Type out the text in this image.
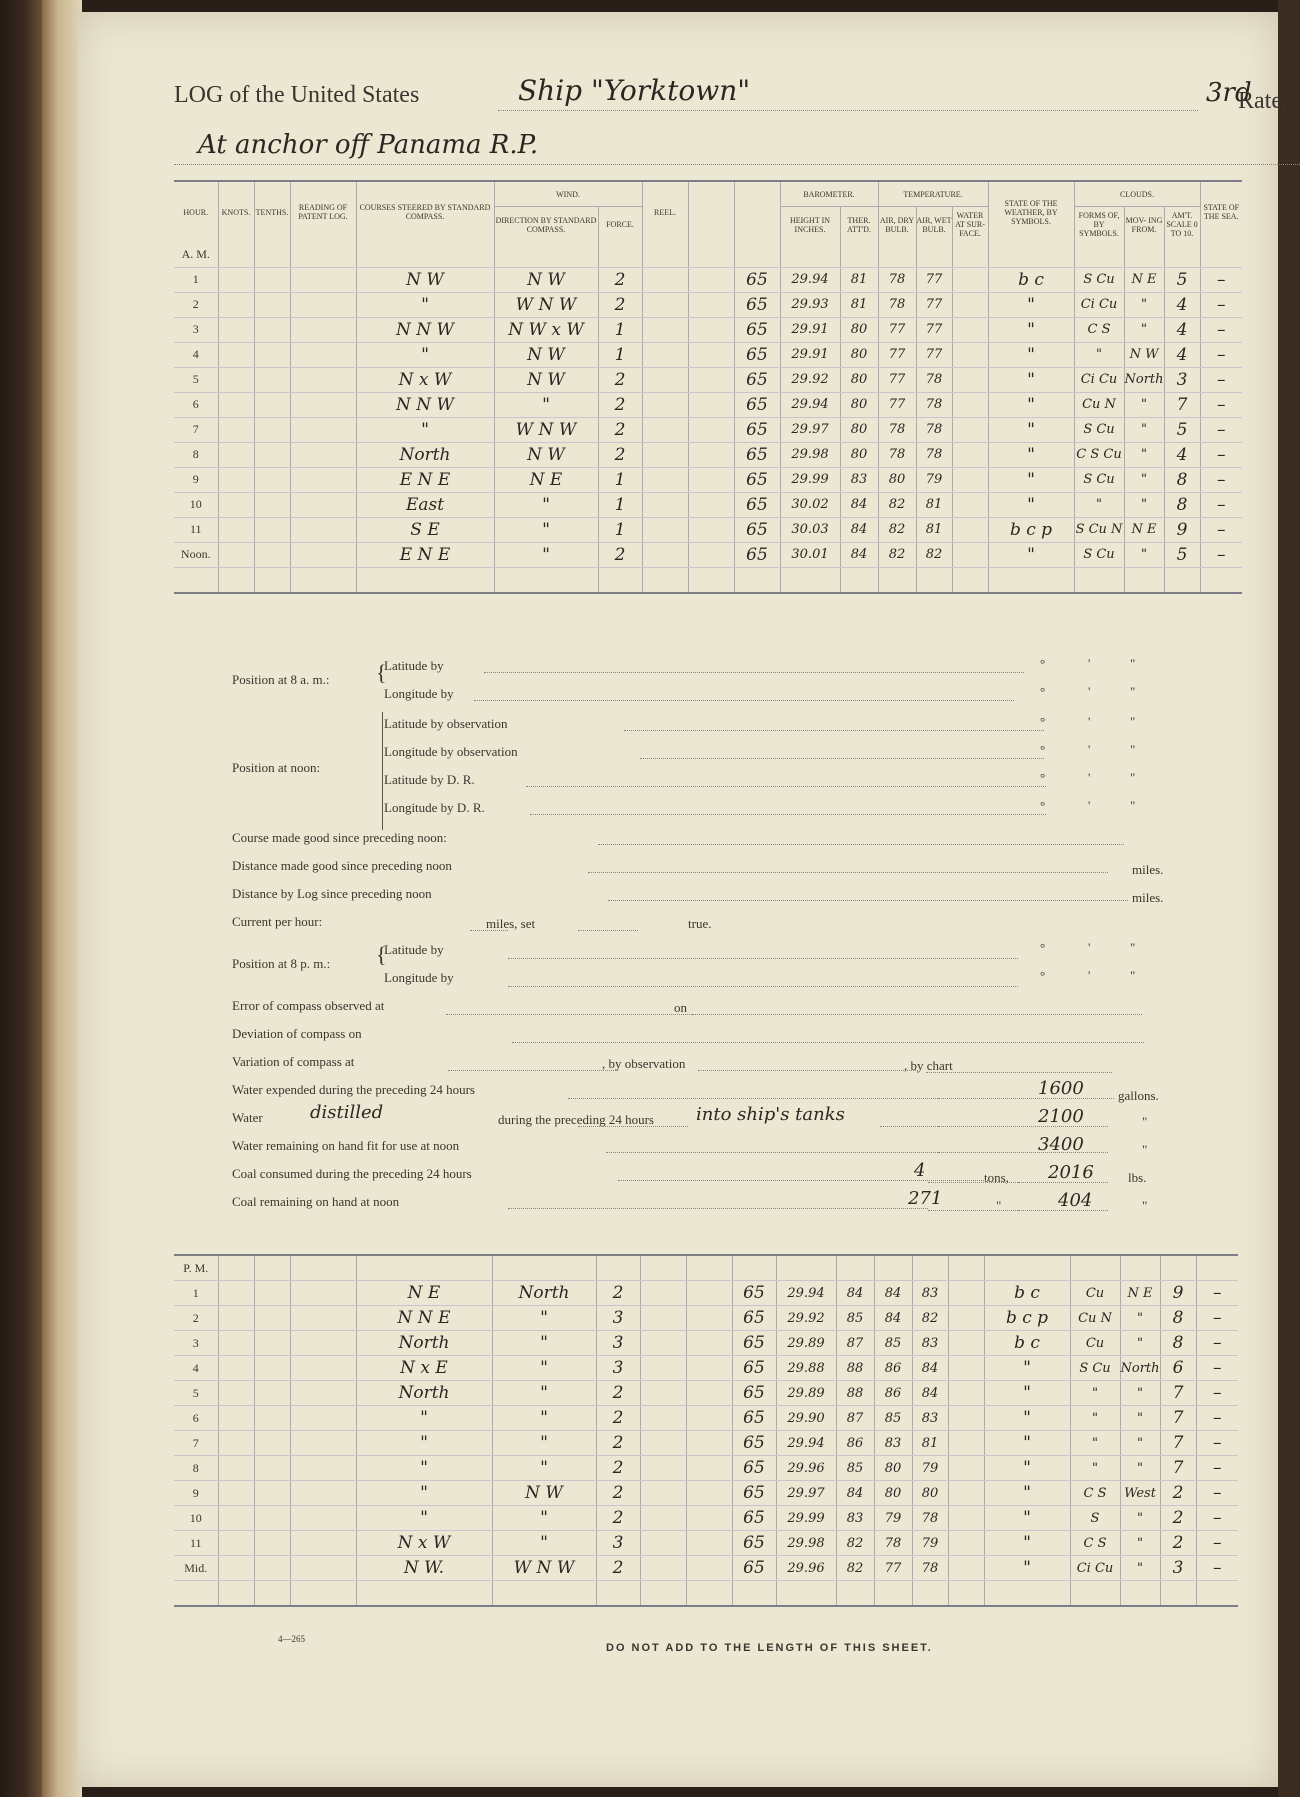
LOG of the United States	Ship "Yorktown"	3rd
Rate,
At anchor off Panama R.P.
HOUR.	KNOTS.	TENTHS.	READING OF PATENT LOG.	COURSES STEERED BY STANDARD COMPASS.	WIND.		REEL.			BAROMETER.		TEMPERATURE.			STATE OF THE WEATHER, BY SYMBOLS.	CLOUDS.			STATE OF THE SEA.
					DIRECTION BY STANDARD COMPASS.	FORCE.				HEIGHT IN INCHES.	THER. ATT'D.	AIR, DRY BULB.	AIR, WET BULB.	WATER AT SUR- FACE.		FORMS OF, BY SYMBOLS.	MOV- ING FROM.	AM'T. SCALE 0 TO 10.	
A. M.																			
1				N W	N W	2			65	29.94	81	78	77		b c	S Cu	N E	5	–
2				"	W N W	2			65	29.93	81	78	77		"	Ci Cu	"	4	–
3				N N W	N W x W	1			65	29.91	80	77	77		"	C S	"	4	–
4				"	N W	1			65	29.91	80	77	77		"	"	N W	4	–
5				N x W	N W	2			65	29.92	80	77	78		"	Ci Cu	North	3	–
6				N N W	"	2			65	29.94	80	77	78		"	Cu N	"	7	–
7				"	W N W	2			65	29.97	80	78	78		"	S Cu	"	5	–
8				North	N W	2			65	29.98	80	78	78		"	C S Cu	"	4	–
9				E N E	N E	1			65	29.99	83	80	79		"	S Cu	"	8	–
10				East	"	1			65	30.02	84	82	81		"	"	"	8	–
11				S E	"	1			65	30.03	84	82	81		b c p	S Cu N	N E	9	–
Noon.				E N E	"	2			65	30.01	84	82	82		"	S Cu	"	5	–

Position at 8 a. m.: {
Latitude by
Longitude by
Position at noon:
Latitude by observation
Longitude by observation
Latitude by D. R.
Longitude by D. R.
Course made good since preceding noon:
Distance made good since preceding noon	miles.
Distance by Log since preceding noon	miles.
Current per hour:	miles, set	true.
Position at 8 p. m.: {
Latitude by
Longitude by
Error of compass observed at	on
Deviation of compass on
Variation of compass at	, by observation	, by chart
Water expended during the preceding 24 hours	1600	gallons.
Water	distilled	during the preceding 24 hours into ship's tanks	2100	"
Water remaining on hand fit for use at noon	3400	"
Coal consumed during the preceding 24 hours	4	tons, 2016	lbs.
Coal remaining on hand at noon	271	"	404	"
°	'	"
°	'	"
°	'	"
°	'	"
°	'	"
°	'	"
°	'	"
°	'	"
P. M.																			
1				N E	North	2			65	29.94	84	84	83		b c	Cu	N E	9	–
2				N N E	"	3			65	29.92	85	84	82		b c p	Cu N	"	8	–
3				North	"	3			65	29.89	87	85	83		b c	Cu	"	8	–
4				N x E	"	3			65	29.88	88	86	84		"	S Cu	North	6	–
5				North	"	2			65	29.89	88	86	84		"	"	"	7	–
6				"	"	2			65	29.90	87	85	83		"	"	"	7	–
7				"	"	2			65	29.94	86	83	81		"	"	"	7	–
8				"	"	2			65	29.96	85	80	79		"	"	"	7	–
9				"	N W	2			65	29.97	84	80	80		"	C S	West	2	–
10				"	"	2			65	29.99	83	79	78		"	S	"	2	–
11				N x W	"	3			65	29.98	82	78	79		"	C S	"	2	–
Mid.				N W.	W N W	2			65	29.96	82	77	78		"	Ci Cu	"	3	–

4—265
DO NOT ADD TO THE LENGTH OF THIS SHEET.
